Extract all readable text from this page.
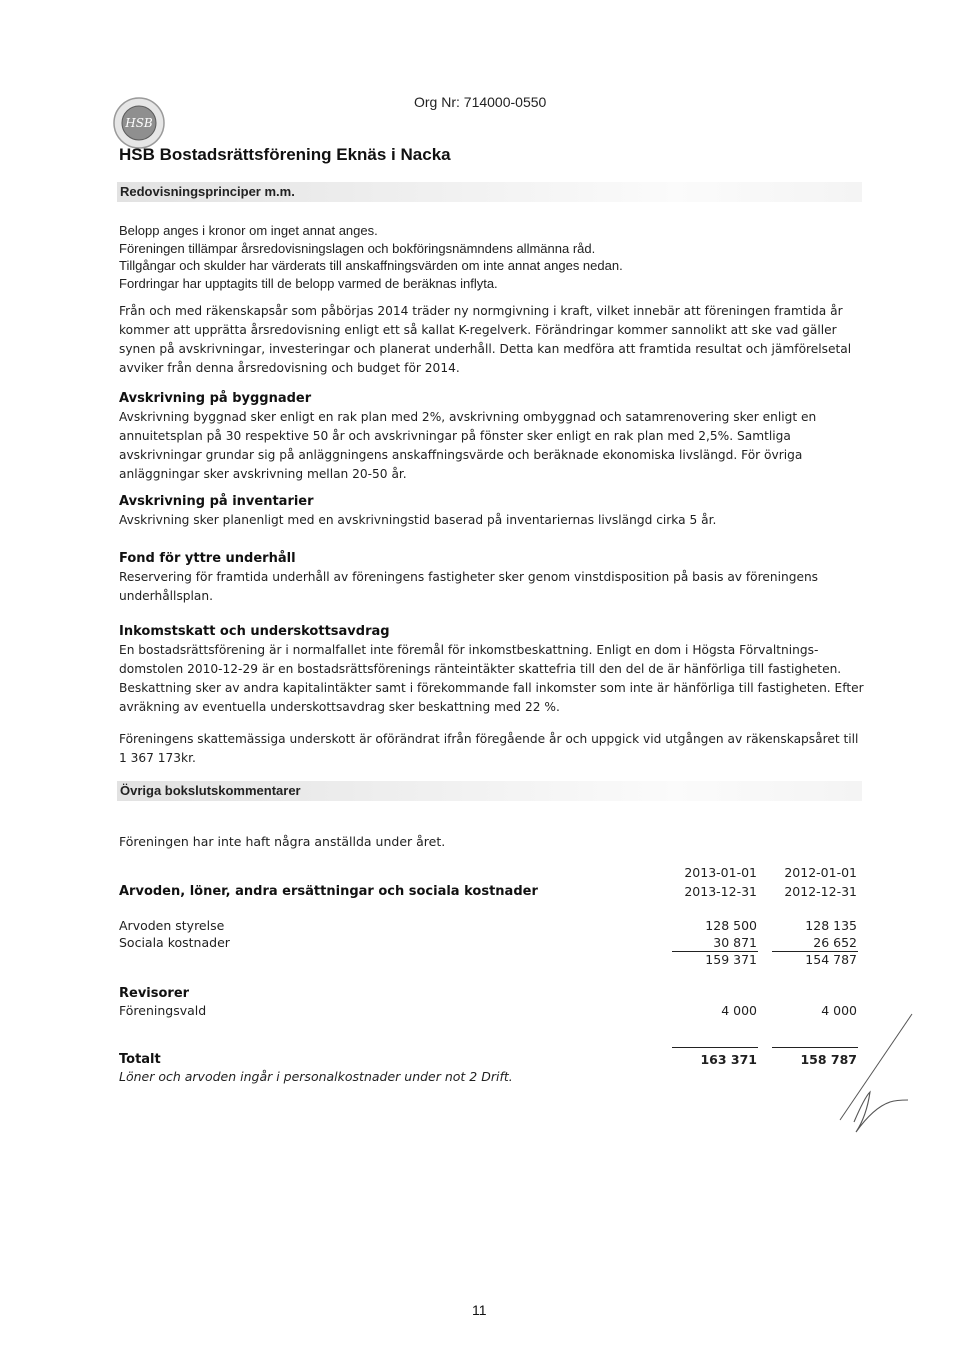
HSB
Org Nr: 714000-0550
HSB Bostadsrättsförening Eknäs i Nacka
Redovisningsprinciper m.m.
Belopp anges i kronor om inget annat anges.
Föreningen tillämpar årsredovisningslagen och bokföringsnämndens allmänna råd.
Tillgångar och skulder har värderats till anskaffningsvärden om inte annat anges nedan.
Fordringar har upptagits till de belopp varmed de beräknas inflyta.
Från och med räkenskapsår som påbörjas 2014 träder ny normgivning i kraft, vilket innebär att föreningen framtida år kommer att upprätta årsredovisning enligt ett så kallat K-regelverk. Förändringar kommer sannolikt att ske vad gäller synen på avskrivningar, investeringar och planerat underhåll. Detta kan medföra att framtida resultat och jämförelsetal avviker från denna årsredovisning och budget för 2014.
Avskrivning på byggnader
Avskrivning byggnad sker enligt en rak plan med 2%, avskrivning ombyggnad och satamrenovering sker enligt en annuitetsplan på 30 respektive 50 år och avskrivningar på fönster sker enligt en rak plan med 2,5%. Samtliga avskrivningar grundar sig på anläggningens anskaffningsvärde och beräknade ekonomiska livslängd. För övriga anläggningar sker avskrivning mellan 20-50 år.
Avskrivning på inventarier
Avskrivning sker planenligt med en avskrivningstid baserad på inventariernas livslängd cirka 5 år.
Fond för yttre underhåll
Reservering för framtida underhåll av föreningens fastigheter sker genom vinstdisposition på basis av föreningens underhållsplan.
Inkomstskatt och underskottsavdrag
En bostadsrättsförening är i normalfallet inte föremål för inkomstbeskattning. Enligt en dom i Högsta Förvaltnings-domstolen 2010-12-29 är en bostadsrättsförenings ränteintäkter skattefria till den del de är hänförliga till fastigheten. Beskattning sker av andra kapitalintäkter samt i förekommande fall inkomster som inte är hänförliga till fastigheten. Efter avräkning av eventuella underskottsavdrag sker beskattning med 22 %.
Föreningens skattemässiga underskott är oförändrat ifrån föregående år och uppgick vid utgången av räkenskapsåret till 1 367 173kr.
Övriga bokslutskommentarer
Föreningen har inte haft några anställda under året.
2013-01-01 2012-01-01
Arvoden, löner, andra ersättningar och sociala kostnader	2013-12-31 2012-12-31
Arvoden styrelse	128 500	128 135
Sociala kostnader	30 871	26 652
159 371	154 787
Revisorer
Föreningsvald	4 000	4 000
Totalt	163 371	158 787
Löner och arvoden ingår i personalkostnader under not 2 Drift.
11
